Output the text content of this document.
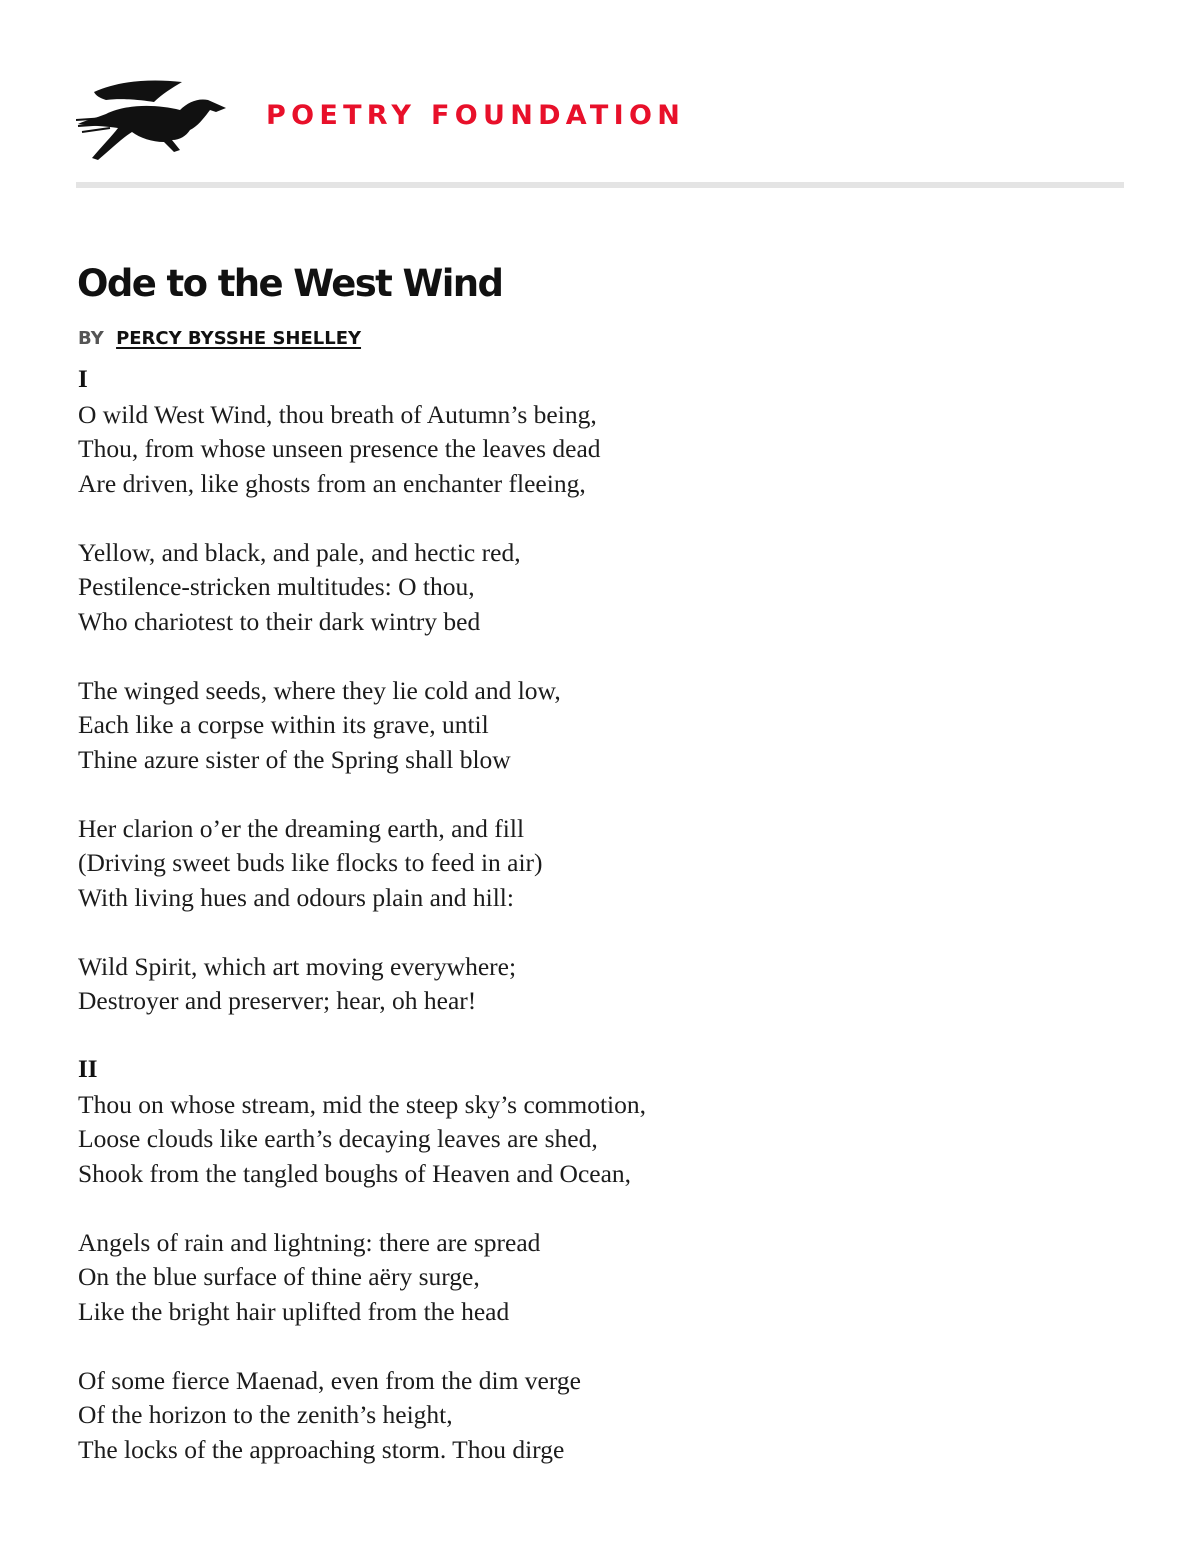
POETRY FOUNDATION
Ode to the West Wind
BY PERCY BYSSHE SHELLEY
I
O wild West Wind, thou breath of Autumn’s being,
Thou, from whose unseen presence the leaves dead
Are driven, like ghosts from an enchanter fleeing,
Yellow, and black, and pale, and hectic red,
Pestilence-stricken multitudes: O thou,
Who chariotest to their dark wintry bed
The winged seeds, where they lie cold and low,
Each like a corpse within its grave, until
Thine azure sister of the Spring shall blow
Her clarion o’er the dreaming earth, and fill
(Driving sweet buds like flocks to feed in air)
With living hues and odours plain and hill:
Wild Spirit, which art moving everywhere;
Destroyer and preserver; hear, oh hear!
II
Thou on whose stream, mid the steep sky’s commotion,
Loose clouds like earth’s decaying leaves are shed,
Shook from the tangled boughs of Heaven and Ocean,
Angels of rain and lightning: there are spread
On the blue surface of thine aëry surge,
Like the bright hair uplifted from the head
Of some fierce Maenad, even from the dim verge
Of the horizon to the zenith’s height,
The locks of the approaching storm. Thou dirge
